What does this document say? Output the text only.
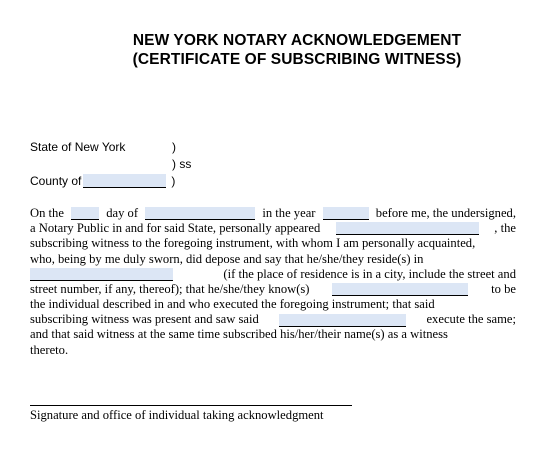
NEW YORK NOTARY ACKNOWLEDGEMENT
(CERTIFICATE OF SUBSCRIBING WITNESS)
State of New York	)
) ss
County of	)
On the	day of	in the year	before me, the undersigned,
a Notary Public in and for said State, personally appeared	, the
subscribing witness to the foregoing instrument, with whom I am personally acquainted,
who, being by me duly sworn, did depose and say that he/she/they reside(s) in
(if the place of residence is in a city, include the street and
street number, if any, thereof); that he/she/they know(s)	to be
the individual described in and who executed the foregoing instrument; that said
subscribing witness was present and saw said	execute the same;
and that said witness at the same time subscribed his/her/their name(s) as a witness
thereto.
Signature and office of individual taking acknowledgment
